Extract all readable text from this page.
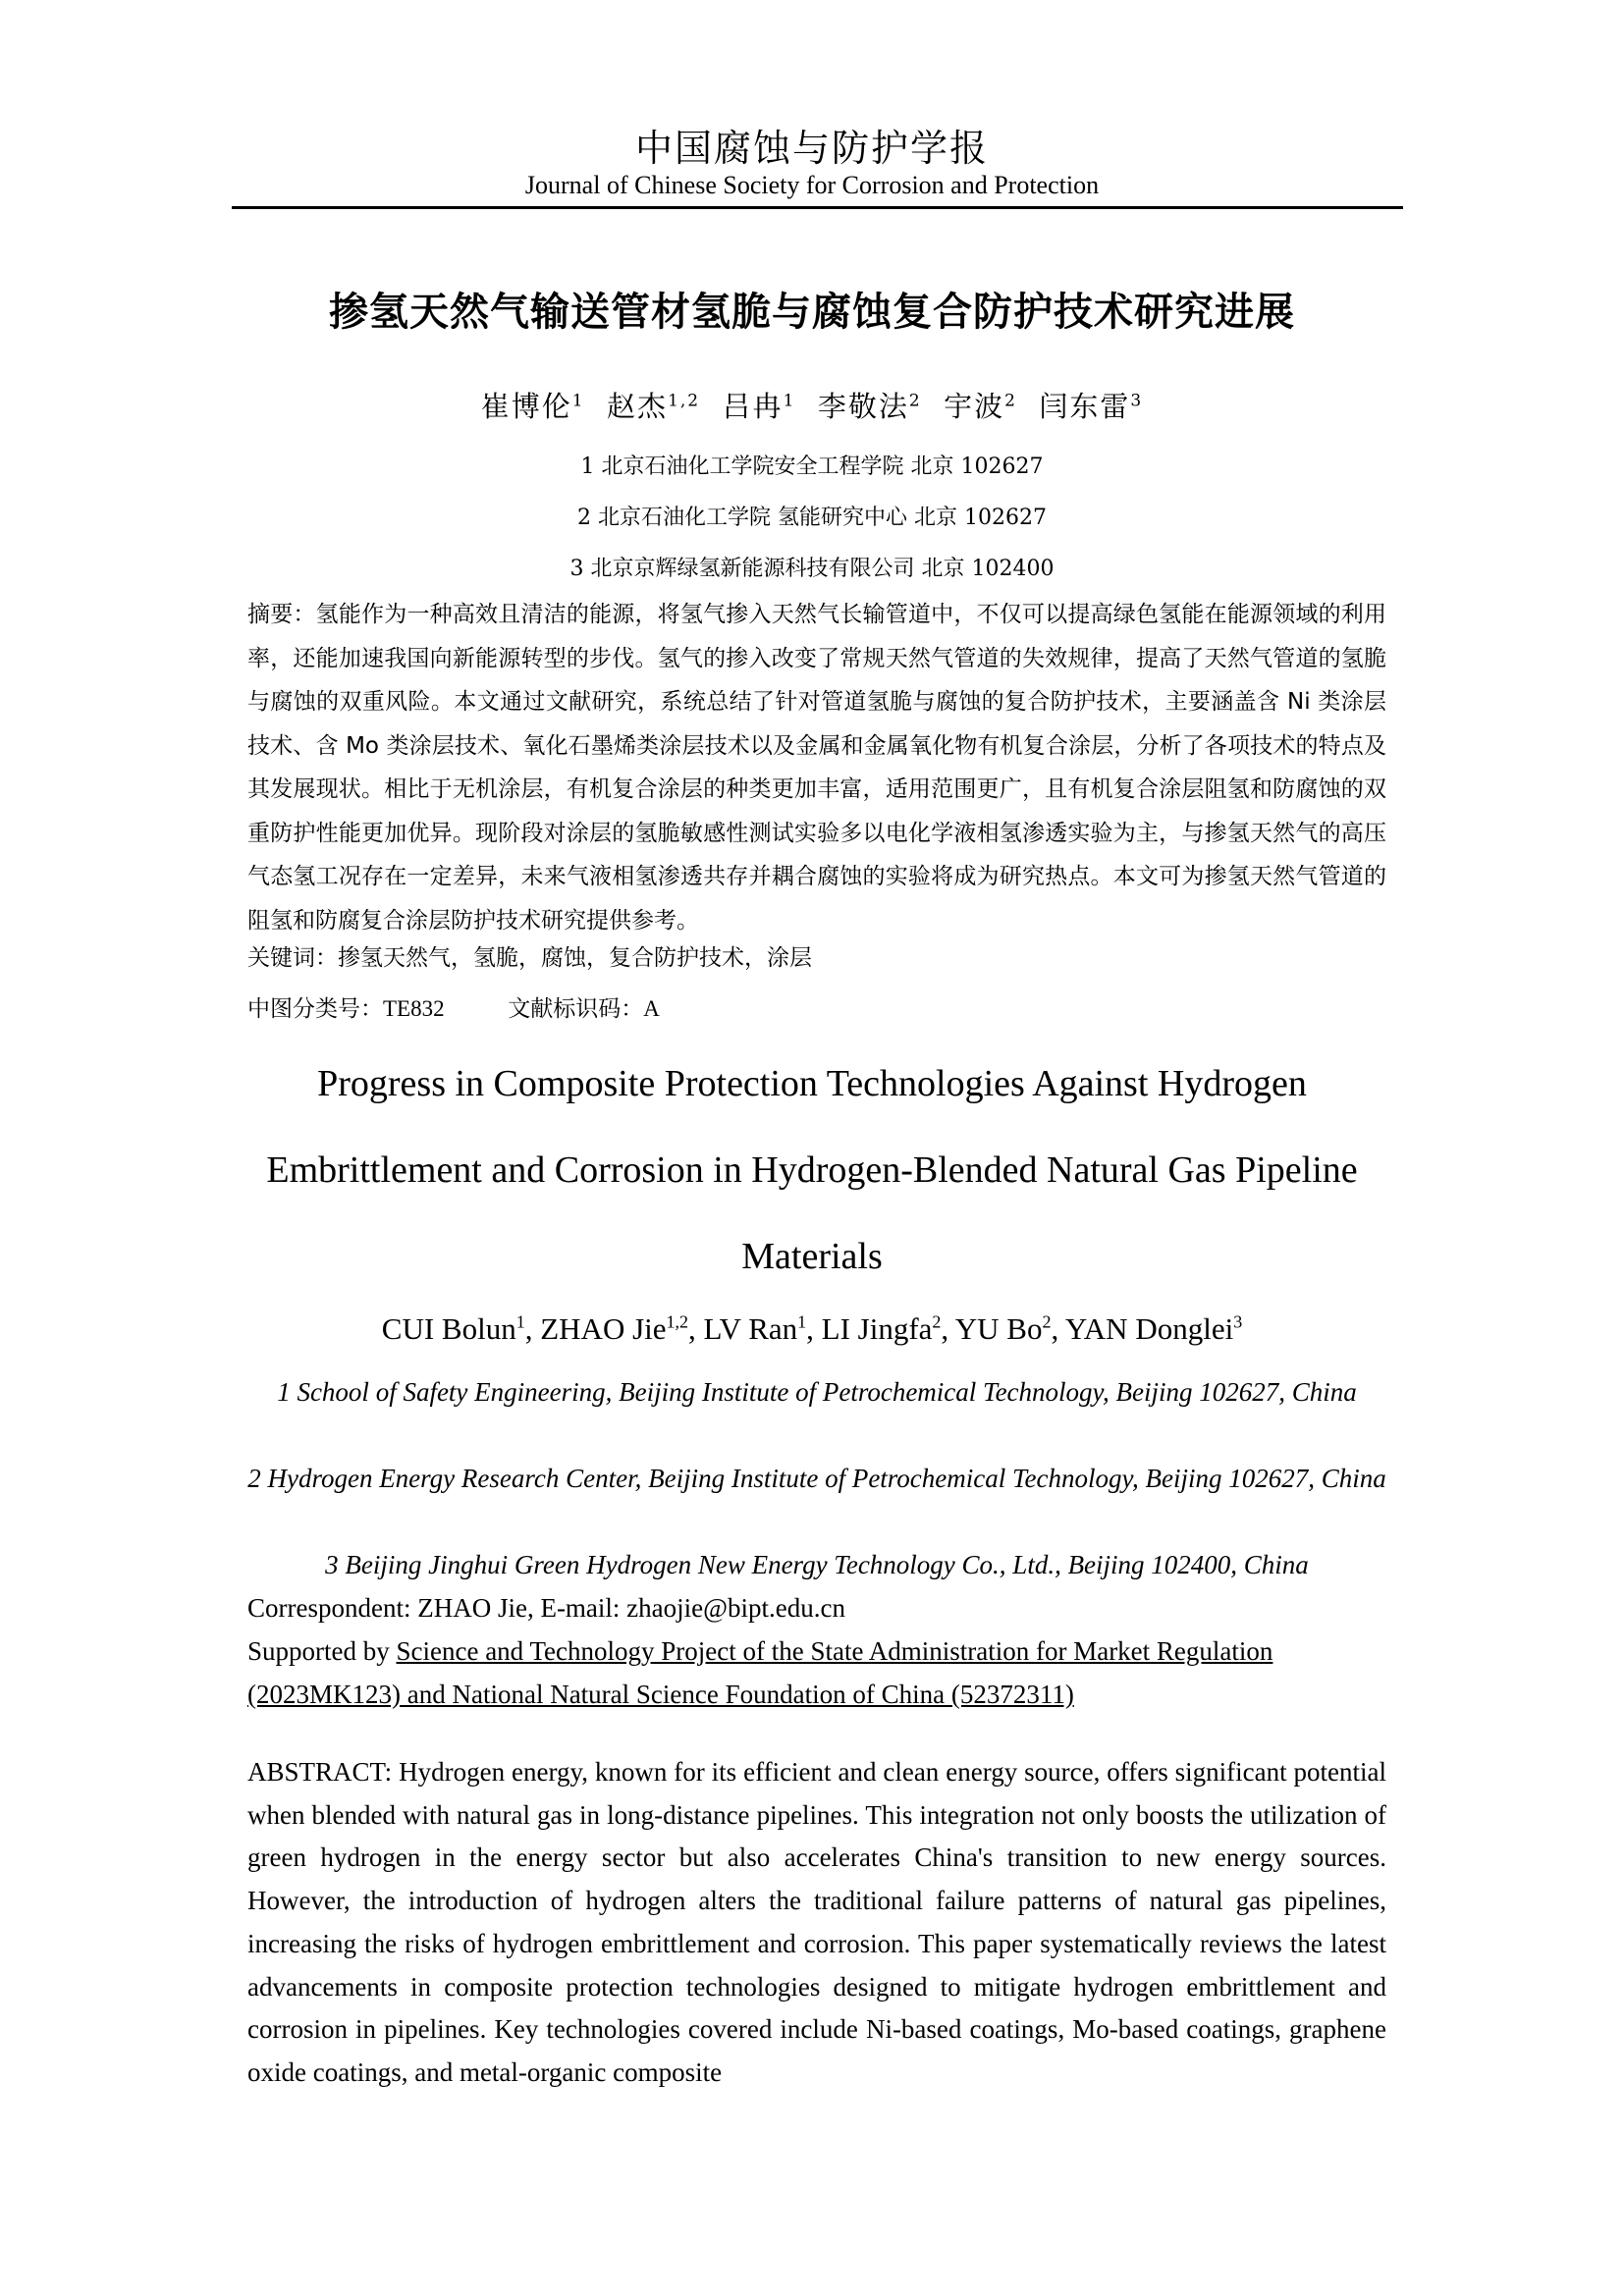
中国腐蚀与防护学报
Journal of Chinese Society for Corrosion and Protection
掺氢天然气输送管材氢脆与腐蚀复合防护技术研究进展
崔博伦$^1$ 赵杰$^{1,2}$ 吕冉$^1$ 李敬法$^2$ 宇波$^2$ 闫东雷$^3$
1 北京石油化工学院安全工程学院 北京 102627
2 北京石油化工学院 氢能研究中心 北京 102627
3 北京京辉绿氢新能源科技有限公司 北京 102400
摘要：氢能作为一种高效且清洁的能源，将氢气掺入天然气长输管道中，不仅可以提高绿色氢能在能源领域的利用率，还能加速我国向新能源转型的步伐。氢气的掺入改变了常规天然气管道的失效规律，提高了天然气管道的氢脆与腐蚀的双重风险。本文通过文献研究，系统总结了针对管道氢脆与腐蚀的复合防护技术，主要涵盖含 Ni 类涂层技术、含 Mo 类涂层技术、氧化石墨烯类涂层技术以及金属和金属氧化物有机复合涂层，分析了各项技术的特点及其发展现状。相比于无机涂层，有机复合涂层的种类更加丰富，适用范围更广，且有机复合涂层阻氢和防腐蚀的双重防护性能更加优异。现阶段对涂层的氢脆敏感性测试实验多以电化学液相氢渗透实验为主，与掺氢天然气的高压气态氢工况存在一定差异，未来气液相氢渗透共存并耦合腐蚀的实验将成为研究热点。本文可为掺氢天然气管道的阻氢和防腐复合涂层防护技术研究提供参考。
关键词：掺氢天然气，氢脆，腐蚀，复合防护技术，涂层
中图分类号：TE832	文献标识码：A
Progress in Composite Protection Technologies Against Hydrogen
Embrittlement and Corrosion in Hydrogen-Blended Natural Gas Pipeline
Materials
CUI Bolun$^1$, ZHAO Jie$^{1,2}$, LV Ran$^1$, LI Jingfa$^2$, YU Bo$^2$, YAN Donglei$^3$
1 School of Safety Engineering, Beijing Institute of Petrochemical Technology, Beijing 102627, China
2 Hydrogen Energy Research Center, Beijing Institute of Petrochemical Technology, Beijing 102627, China
3 Beijing Jinghui Green Hydrogen New Energy Technology Co., Ltd., Beijing 102400, China
Correspondent: ZHAO Jie, E-mail: zhaojie@bipt.edu.cn
Supported by Science and Technology Project of the State Administration for Market Regulation (2023MK123) and National Natural Science Foundation of China (52372311)
ABSTRACT: Hydrogen energy, known for its efficient and clean energy source, offers significant potential when blended with natural gas in long-distance pipelines. This integration not only boosts the utilization of green hydrogen in the energy sector but also accelerates China's transition to new energy sources. However, the introduction of hydrogen alters the traditional failure patterns of natural gas pipelines, increasing the risks of hydrogen embrittlement and corrosion. This paper systematically reviews the latest advancements in composite protection technologies designed to mitigate hydrogen embrittlement and corrosion in pipelines. Key technologies covered include Ni-based coatings, Mo-based coatings, graphene oxide coatings, and metal-organic composite
